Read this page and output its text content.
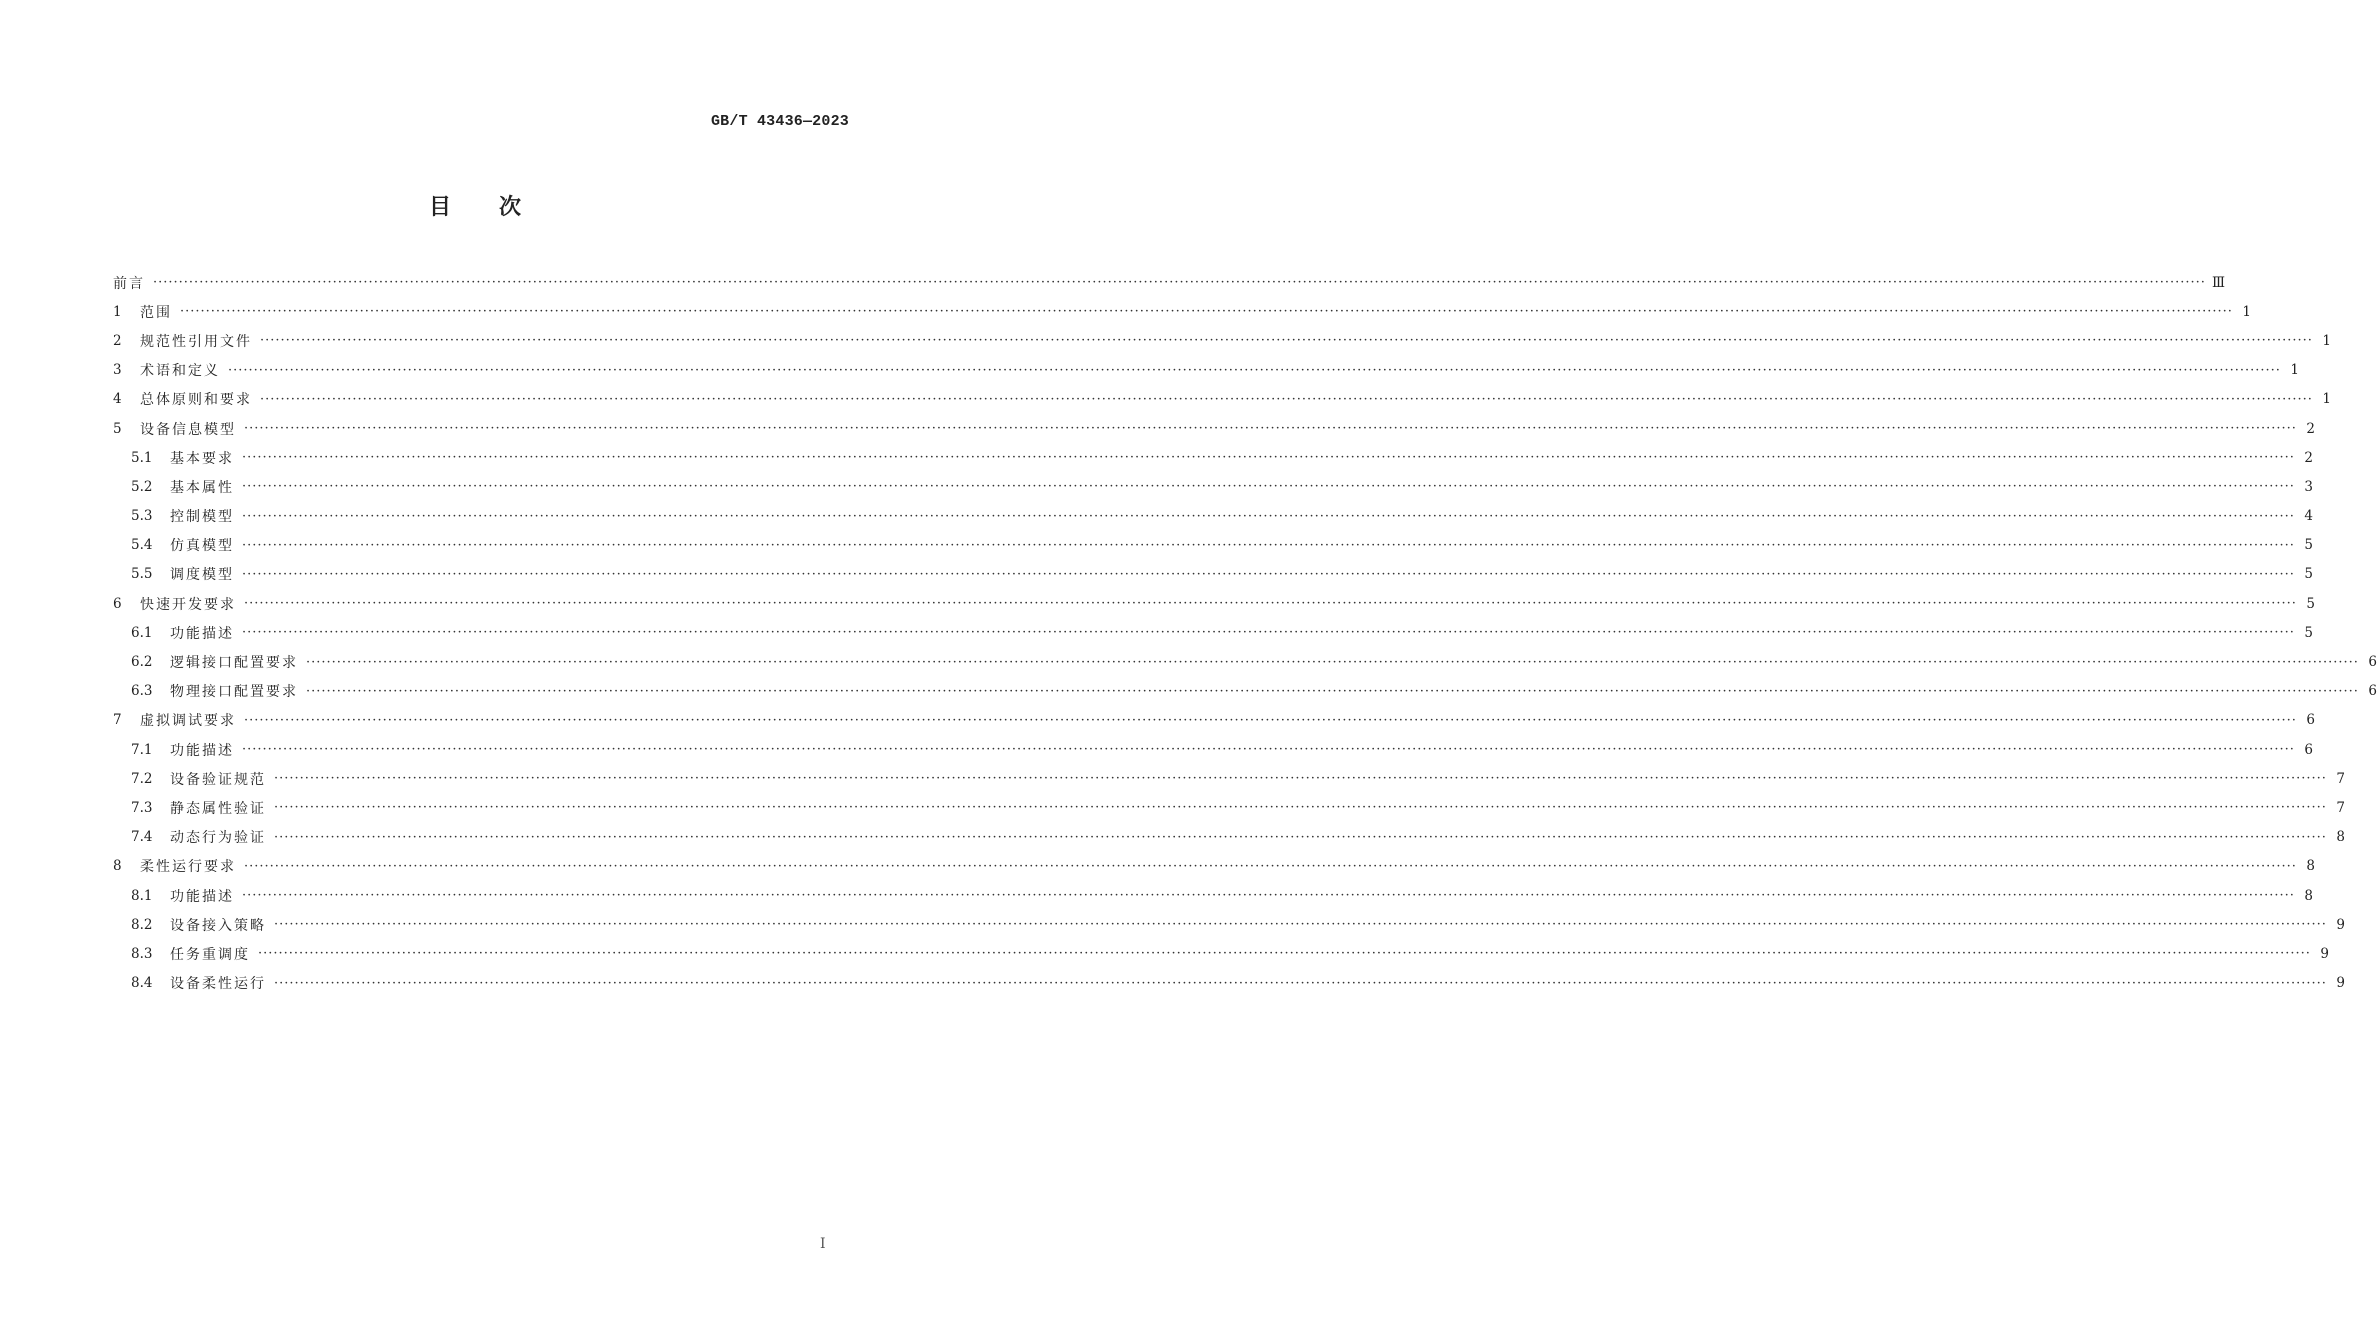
GB/T 43436—2023
目次
前言 ················································································································································································································································································································································································································ Ⅲ
1	范围 ················································································································································································································································································································································································································ 1
2	规范性引用文件 ················································································································································································································································································································································································································ 1
3	术语和定义 ················································································································································································································································································································································································································ 1
4	总体原则和要求 ················································································································································································································································································································································································································ 1
5	设备信息模型 ················································································································································································································································································································································································································ 2
5.1 基本要求 ················································································································································································································································································································································································································ 2
5.2 基本属性 ················································································································································································································································································································································································································ 3
5.3 控制模型 ················································································································································································································································································································································································································ 4
5.4 仿真模型 ················································································································································································································································································································································································································ 5
5.5 调度模型 ················································································································································································································································································································································································································ 5
6	快速开发要求 ················································································································································································································································································································································································································ 5
6.1 功能描述 ················································································································································································································································································································································································································ 5
6.2 逻辑接口配置要求 ················································································································································································································································································································································································································ 6
6.3 物理接口配置要求 ················································································································································································································································································································································································································ 6
7	虚拟调试要求 ················································································································································································································································································································································································································ 6
7.1 功能描述 ················································································································································································································································································································································································································ 6
7.2 设备验证规范 ················································································································································································································································································································································································································ 7
7.3 静态属性验证 ················································································································································································································································································································································································································ 7
7.4 动态行为验证 ················································································································································································································································································································································································································ 8
8	柔性运行要求 ················································································································································································································································································································································································································ 8
8.1 功能描述 ················································································································································································································································································································································································································ 8
8.2 设备接入策略 ················································································································································································································································································································································································································ 9
8.3 任务重调度 ················································································································································································································································································································································································································ 9
8.4 设备柔性运行 ················································································································································································································································································································································································································ 9
I
